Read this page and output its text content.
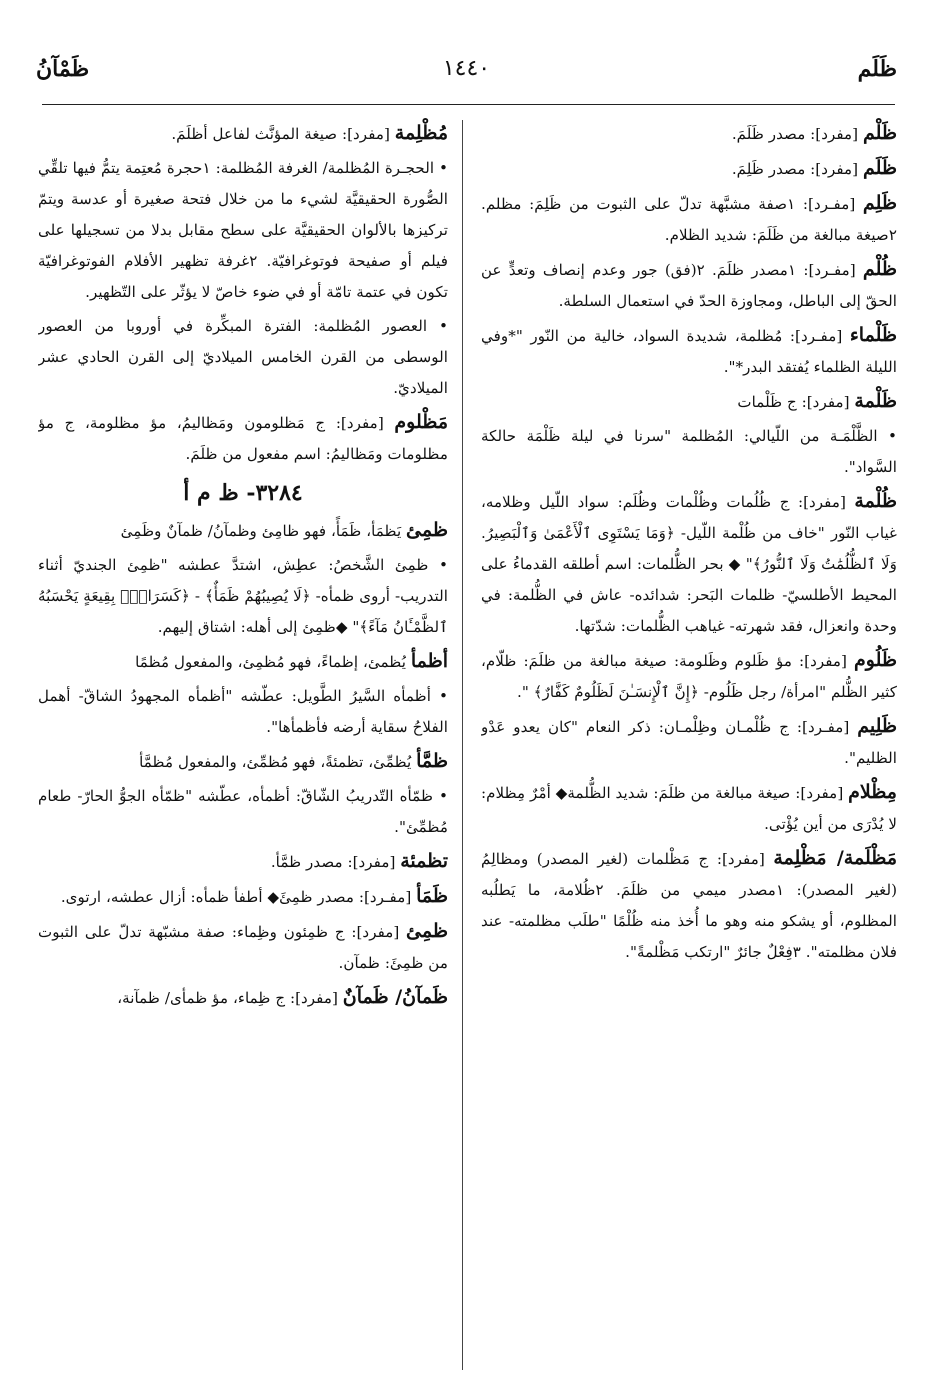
ظَلَم
١٤٤٠
ظَمْآنُ
ظَلْم [مفرد]: مصدر ظَلَمَ.
ظَلَم [مفرد]: مصدر ظَلِمَ.
ظَلِم [مفـرد]: ١صفة مشبَّهة تدلّ على الثبوت من ظَلِمَ: مظلم. ٢صيغة مبالغة من ظَلَمَ: شديد الظلام.
ظُلْم [مفـرد]: ١مصدر ظلَمَ. ٢(فق) جور وعدم إنصاف وتعدٍّ عن الحقّ إلى الباطل، ومجاوزة الحدّ في استعمال السلطة.
ظَلْماء [مفـرد]: مُظلمة، شديدة السواد، خالية من النّور "*وفي الليلة الظلماء يُفتقد البدر*".
ظَلْمة [مفرد]: ج ظَلْمات
• الظَّلْمَـة من اللّيالي: المُظلمة "سرنا في ليلة ظَلْمَة حالكة السَّواد".
ظُلْمة [مفرد]: ج ظُلُمات وظُلْمات وظُلَم: سواد اللّيل وظلامه، غياب النّور "خاف من ظُلْمة اللّيل- ﴿وَمَا يَسْتَوِى ٱلْأَعْمَىٰ وَٱلْبَصِيرُ. وَلَا ٱلظُّلُمَٰتُ وَلَا ٱلنُّورُ﴾" ◆ بحر الظُّلمات: اسم أطلقه القدماءُ على المحيط الأطلسيّ- ظلمات البَحر: شدائده- عاش في الظُّلمة: في وحدة وانعزال، فقد شهرته- غياهب الظُّلمات: شدّتها.
ظَلُوم [مفرد]: مؤ ظَلوم وظَلومة: صيغة مبالغة من ظلَمَ: ظلّام، كثير الظُّلم "امرأة/ رجل ظَلُوم- ﴿إِنَّ ٱلْإِنسَـٰنَ لَظَلُومٌ كَفَّارٌ﴾ ".
ظَلِيم [مفـرد]: ج ظُلْمـان وظِلْمـان: ذكر النعام "كان يعدو عَدْو الظليم".
مِظْلام [مفرد]: صيغة مبالغة من ظلَمَ: شديد الظُّلمة◆ أمْرٌ مِظلام: لا يُدْرَى من أين يُؤْتى.
مَظْلَمة/ مَظْلِمة [مفرد]: ج مَظْلمات (لغير المصدر) ومظالِمُ (لغير المصدر): ١مصدر ميمي من ظلَمَ. ٢ظُلامة، ما يَطلُبه المظلوم، أو يشكو منه وهو ما أُخذ منه ظُلْمًا "طلَب مظلمته- عند فلان مظلمته". ٣فِعْلٌ جائرٌ "ارتكب مَظْلمةً".
مُظْلِمة [مفرد]: صيغة المؤنَّث لفاعل أظلَمَ.
• الحجـرة المُظلمة/ الغرفة المُظلمة: ١حجرة مُعتِمة يتمُّ فيها تلقِّي الصُّورة الحقيقيَّة لشيء ما من خلال فتحة صغيرة أو عدسة ويتمّ تركيزها بالألوان الحقيقيَّة على سطح مقابل بدلا من تسجيلها على فيلم أو صفيحة فوتوغرافيّة. ٢غرفة تظهير الأفلام الفوتوغرافيّة تكون في عتمة تامّة أو في ضوء خاصّ لا يؤثّر على التّظهير.
• العصور المُظلمة: الفترة المبكِّرة في أوروبا من العصور الوسطى من القرن الخامس الميلاديّ إلى القرن الحادي عشر الميلاديّ.
مَظْلوم [مفرد]: ج مَظلومون ومَظاليمُ، مؤ مظلومة، ج مؤ مظلومات ومَظاليمُ: اسم مفعول من ظلَمَ.
٣٢٨٤- ظ م أ
ظمِئ يَظمَأ، ظَمَأً، فهو ظامِئ وظمآنُ/ ظمآنٌ وظَمِئ
• ظمِئ الشَّخصُ: عطِش، اشتدَّ عطشه "ظمِئ الجنديّ أثناء التدريب- أروى ظمأه- ﴿لَا يُصِيبُهُمْ ظَمَأٌ﴾ - ﴿كَسَرَابِۭ بِقِيعَةٍ يَحْسَبُهُ ٱلظَّمْـَٔانُ مَآءً﴾" ◆ظمِئ إلى أهله: اشتاق إليهم.
أظمأ يُظمئ، إظماءً، فهو مُظمِئ، والمفعول مُظمًا
• أظمأه السَّيرُ الطَّويل: عطّشه "أظمأه المجهودُ الشاقّ- أهمل الفلاحُ سقاية أرضه فأظمأها".
ظمَّأ يُظمِّئ، تظمئةً، فهو مُظمِّئ، والمفعول مُظمَّأ
• ظمّأه التّدريبُ الشّاقّ: أظمأه، عطّشه "ظمّأه الجوُّ الحارّ- طعام مُظمِّئ".
تظمئة [مفرد]: مصدر ظمَّأ.
ظَمَأ [مفـرد]: مصدر ظمِئَ◆ أطفأ ظمأه: أزال عطشه، ارتوى.
ظمِئ [مفرد]: ج ظمِئون وظِماء: صفة مشبّهة تدلّ على الثبوت من ظمِئَ: ظمآن.
ظَمآنُ/ ظَمآنٌ [مفرد]: ج ظِماء، مؤ ظمأى/ ظمآنة،
